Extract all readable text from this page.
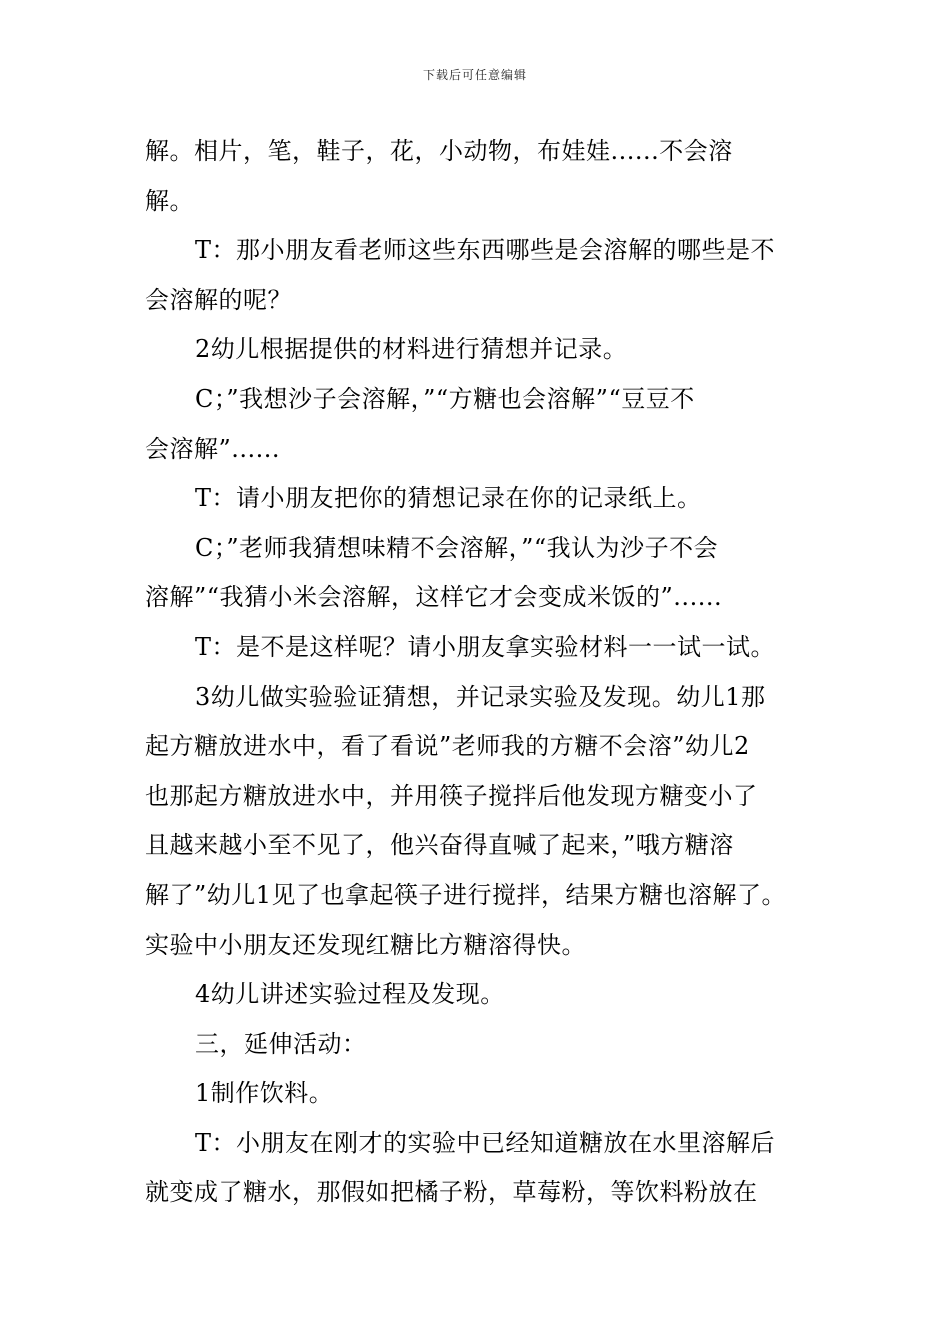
下载后可任意编辑

解。相片，笔，鞋子，花，小动物，布娃娃......不会溶

解。

T：那小朋友看老师这些东西哪些是会溶解的哪些是不

会溶解的呢？

2幼儿根据提供的材料进行猜想并记录。

C；”我想沙子会溶解，”“方糖也会溶解”“豆豆不

会溶解”......

T：请小朋友把你的猜想记录在你的记录纸上。

C；”老师我猜想味精不会溶解，”“我认为沙子不会

溶解”“我猜小米会溶解，这样它才会变成米饭的”......

T：是不是这样呢？请小朋友拿实验材料一一试一试。

3幼儿做实验验证猜想，并记录实验及发现。幼儿1那

起方糖放进水中，看了看说”老师我的方糖不会溶”幼儿2

也那起方糖放进水中，并用筷子搅拌后他发现方糖变小了

且越来越小至不见了，他兴奋得直喊了起来，”哦方糖溶

解了”幼儿1见了也拿起筷子进行搅拌，结果方糖也溶解了。

实验中小朋友还发现红糖比方糖溶得快。

4幼儿讲述实验过程及发现。

三，延伸活动：

1制作饮料。

T：小朋友在刚才的实验中已经知道糖放在水里溶解后

就变成了糖水，那假如把橘子粉，草莓粉，等饮料粉放在
